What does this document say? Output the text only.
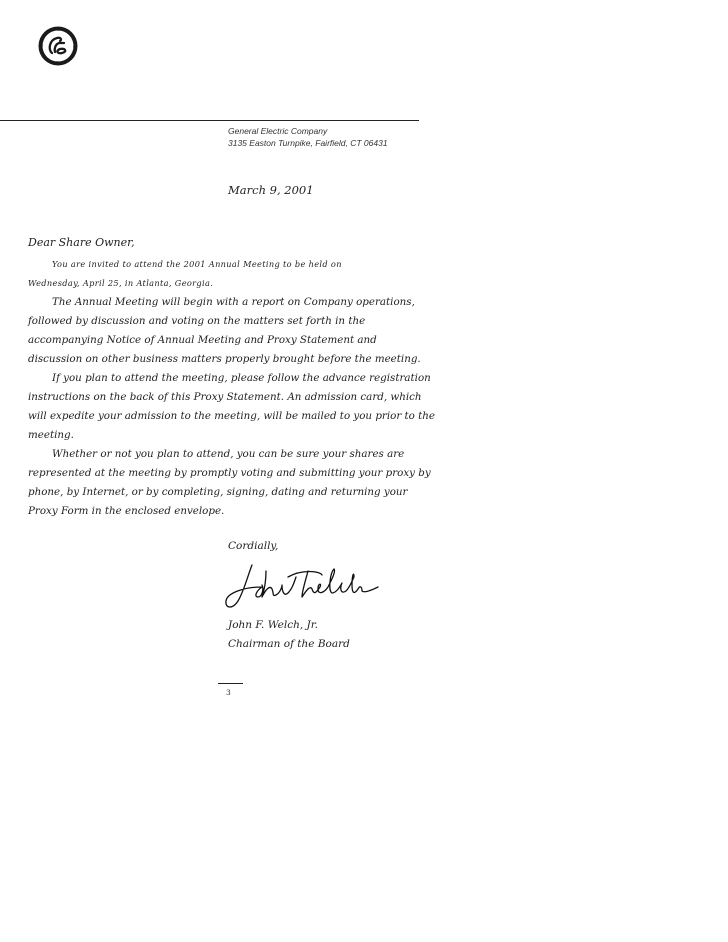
General Electric Company
3135 Easton Turnpike, Fairfield, CT 06431
March 9, 2001
Dear Share Owner,
You are invited to attend the 2001 Annual Meeting to be held on
Wednesday, April 25, in Atlanta, Georgia.
The Annual Meeting will begin with a report on Company operations,
followed by discussion and voting on the matters set forth in the
accompanying Notice of Annual Meeting and Proxy Statement and
discussion on other business matters properly brought before the meeting.
If you plan to attend the meeting, please follow the advance registration
instructions on the back of this Proxy Statement. An admission card, which
will expedite your admission to the meeting, will be mailed to you prior to the
meeting.
Whether or not you plan to attend, you can be sure your shares are
represented at the meeting by promptly voting and submitting your proxy by
phone, by Internet, or by completing, signing, dating and returning your
Proxy Form in the enclosed envelope.
Cordially,
John F. Welch, Jr.
Chairman of the Board
3
